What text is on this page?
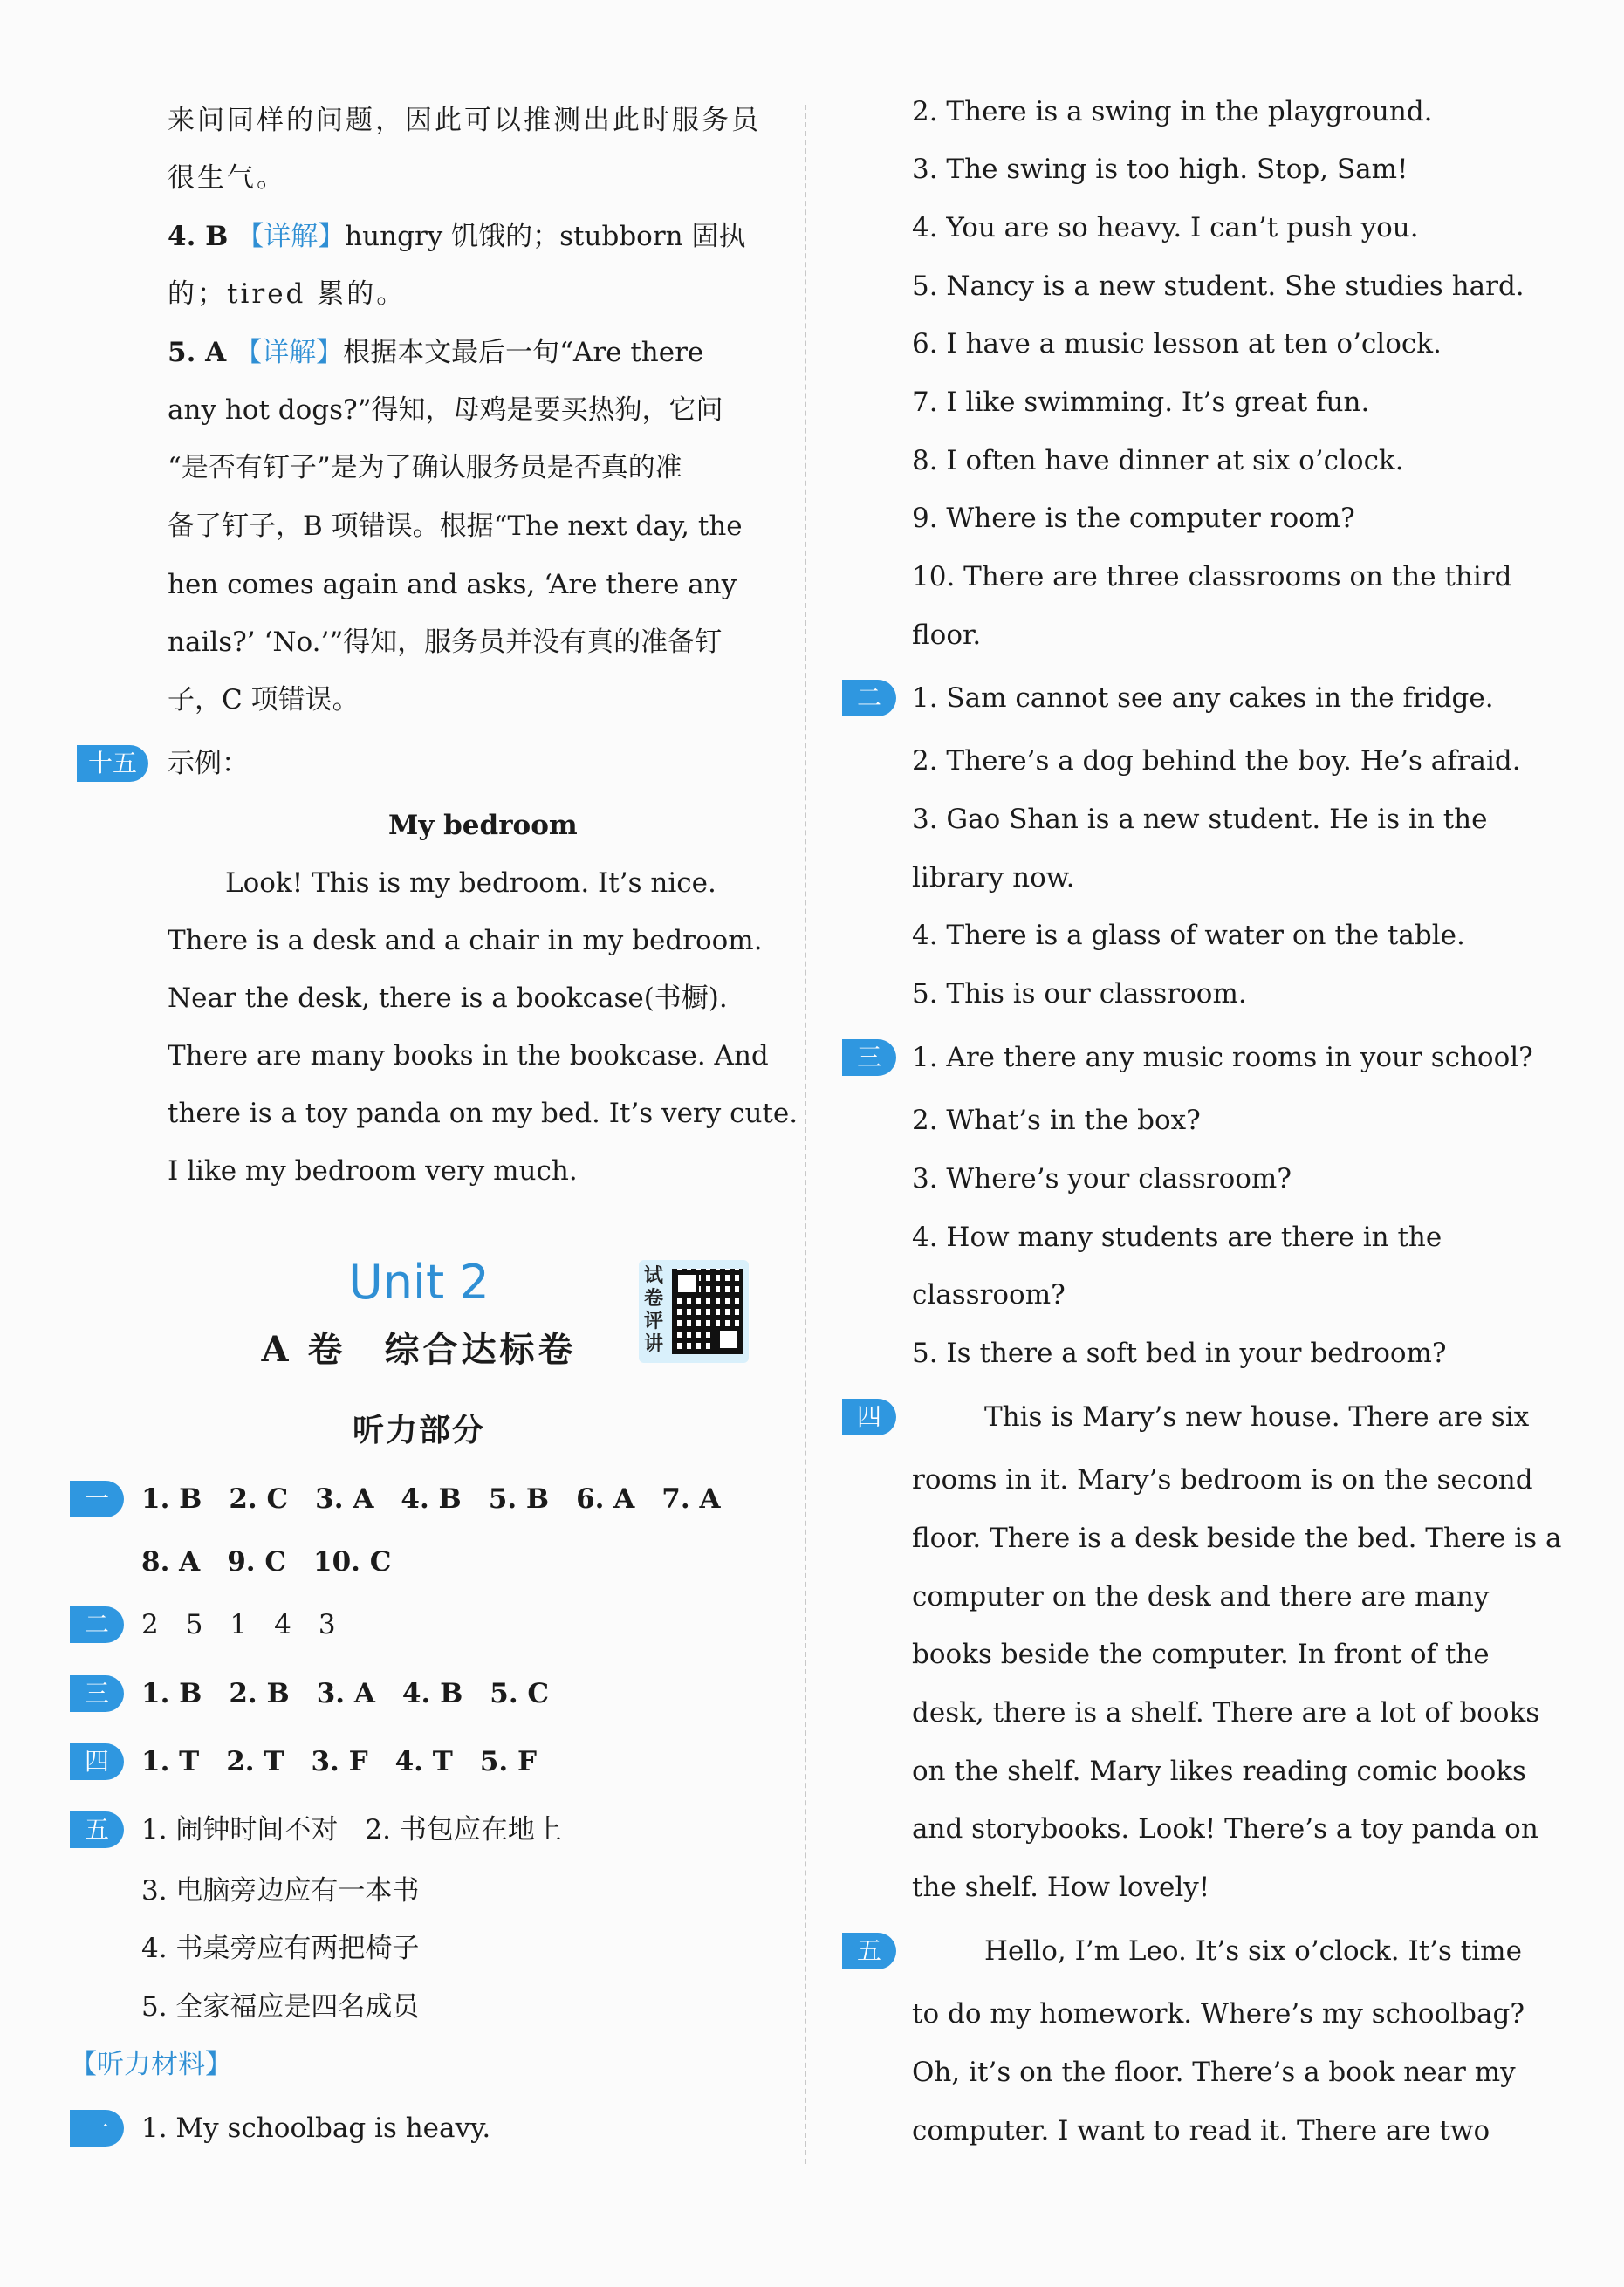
来问同样的问题，因此可以推测出此时服务员
很生气。
4. B 【详解】hungry 饥饿的；stubborn 固执
的；tired 累的。
5. A 【详解】根据本文最后一句“Are there
any hot dogs?”得知，母鸡是要买热狗，它问
“是否有钉子”是为了确认服务员是否真的准
备了钉子，B 项错误。根据“The next day, the
hen comes again and asks, ‘Are there any
nails?’ ‘No.’”得知，服务员并没有真的准备钉
子，C 项错误。
十五	示例：
My bedroom
Look! This is my bedroom. It’s nice.
There is a desk and a chair in my bedroom.
Near the desk, there is a bookcase(书橱).
There are many books in the bookcase. And
there is a toy panda on my bed. It’s very cute.
I like my bedroom very much.
Unit 2
A 卷　综合达标卷
试卷评讲
听力部分
一	1. B　2. C　3. A　4. B　5. B　6. A　7. A
8. A　9. C　10. C
二	2　5　1　4　3
三	1. B　2. B　3. A　4. B　5. C
四	1. T　2. T　3. F　4. T　5. F
五	1. 闹钟时间不对　2. 书包应在地上
3. 电脑旁边应有一本书
4. 书桌旁应有两把椅子
5. 全家福应是四名成员
【听力材料】
一	1. My schoolbag is heavy.
2. There is a swing in the playground.
3. The swing is too high. Stop, Sam!
4. You are so heavy. I can’t push you.
5. Nancy is a new student. She studies hard.
6. I have a music lesson at ten o’clock.
7. I like swimming. It’s great fun.
8. I often have dinner at six o’clock.
9. Where is the computer room?
10. There are three classrooms on the third
floor.
二	1. Sam cannot see any cakes in the fridge.
2. There’s a dog behind the boy. He’s afraid.
3. Gao Shan is a new student. He is in the
library now.
4. There is a glass of water on the table.
5. This is our classroom.
三	1. Are there any music rooms in your school?
2. What’s in the box?
3. Where’s your classroom?
4. How many students are there in the
classroom?
5. Is there a soft bed in your bedroom?
四	This is Mary’s new house. There are six
rooms in it. Mary’s bedroom is on the second
floor. There is a desk beside the bed. There is a
computer on the desk and there are many
books beside the computer. In front of the
desk, there is a shelf. There are a lot of books
on the shelf. Mary likes reading comic books
and storybooks. Look! There’s a toy panda on
the shelf. How lovely!
五	Hello, I’m Leo. It’s six o’clock. It’s time
to do my homework. Where’s my schoolbag?
Oh, it’s on the floor. There’s a book near my
computer. I want to read it. There are two
